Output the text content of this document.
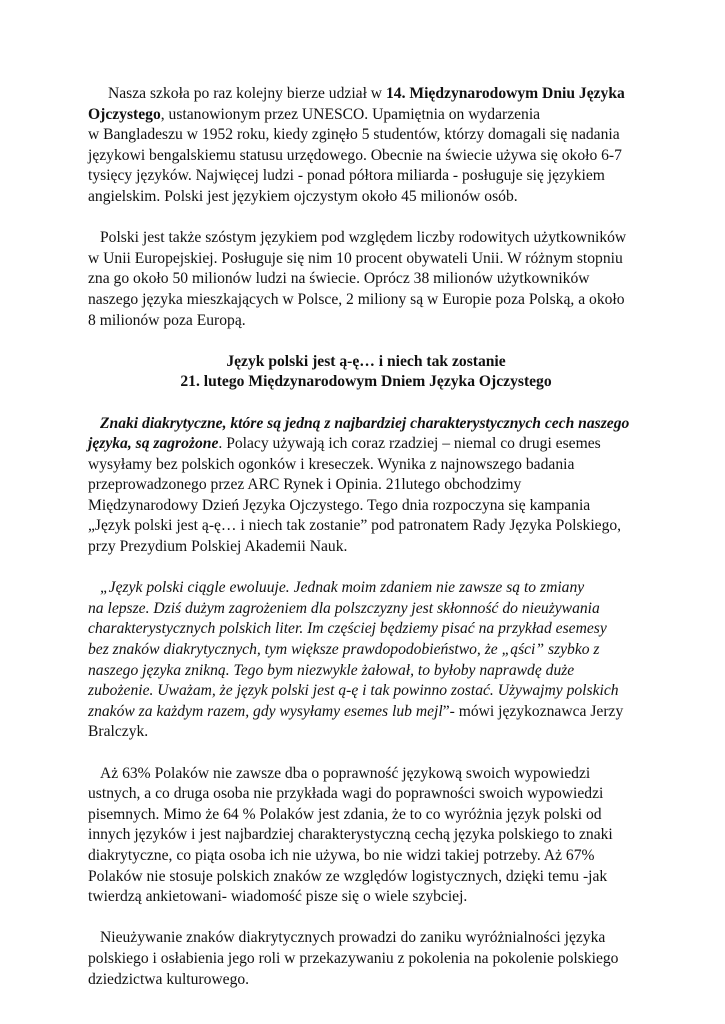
Nasza szkoła po raz kolejny bierze udział w 14. Międzynarodowym Dniu Języka
Ojczystego, ustanowionym przez UNESCO. Upamiętnia on wydarzenia
w Bangladeszu w 1952 roku, kiedy zginęło 5 studentów, którzy domagali się nadania
językowi bengalskiemu statusu urzędowego. Obecnie na świecie używa się około 6-7
tysięcy języków. Najwięcej ludzi - ponad półtora miliarda - posługuje się językiem
angielskim. Polski jest językiem ojczystym około 45 milionów osób.

Polski jest także szóstym językiem pod względem liczby rodowitych użytkowników
w Unii Europejskiej. Posługuje się nim 10 procent obywateli Unii. W różnym stopniu
zna go około 50 milionów ludzi na świecie. Oprócz 38 milionów użytkowników
naszego języka mieszkających w Polsce, 2 miliony są w Europie poza Polską, a około
8 milionów poza Europą.

Język polski jest ą-ę… i niech tak zostanie
21. lutego Międzynarodowym Dniem Języka Ojczystego

Znaki diakrytyczne, które są jedną z najbardziej charakterystycznych cech naszego
języka, są zagrożone. Polacy używają ich coraz rzadziej – niemal co drugi esemes
wysyłamy bez polskich ogonków i kreseczek. Wynika z najnowszego badania
przeprowadzonego przez ARC Rynek i Opinia. 21lutego obchodzimy
Międzynarodowy Dzień Języka Ojczystego. Tego dnia rozpoczyna się kampania
„Język polski jest ą-ę… i niech tak zostanie” pod patronatem Rady Języka Polskiego,
przy Prezydium Polskiej Akademii Nauk.

„Język polski ciągle ewoluuje. Jednak moim zdaniem nie zawsze są to zmiany
na lepsze. Dziś dużym zagrożeniem dla polszczyzny jest skłonność do nieużywania
charakterystycznych polskich liter. Im częściej będziemy pisać na przykład esemesy
bez znaków diakrytycznych, tym większe prawdopodobieństwo, że „ąści” szybko z
naszego języka znikną. Tego bym niezwykle żałował, to byłoby naprawdę duże
zubożenie. Uważam, że język polski jest ą-ę i tak powinno zostać. Używajmy polskich
znaków za każdym razem, gdy wysyłamy esemes lub mejl”- mówi językoznawca Jerzy
Bralczyk.

Aż 63% Polaków nie zawsze dba o poprawność językową swoich wypowiedzi
ustnych, a co druga osoba nie przykłada wagi do poprawności swoich wypowiedzi
pisemnych. Mimo że 64 % Polaków jest zdania, że to co wyróżnia język polski od
innych języków i jest najbardziej charakterystyczną cechą języka polskiego to znaki
diakrytyczne, co piąta osoba ich nie używa, bo nie widzi takiej potrzeby. Aż 67%
Polaków nie stosuje polskich znaków ze względów logistycznych, dzięki temu -jak
twierdzą ankietowani- wiadomość pisze się o wiele szybciej.

Nieużywanie znaków diakrytycznych prowadzi do zaniku wyróżnialności języka
polskiego i osłabienia jego roli w przekazywaniu z pokolenia na pokolenie polskiego
dziedzictwa kulturowego.
